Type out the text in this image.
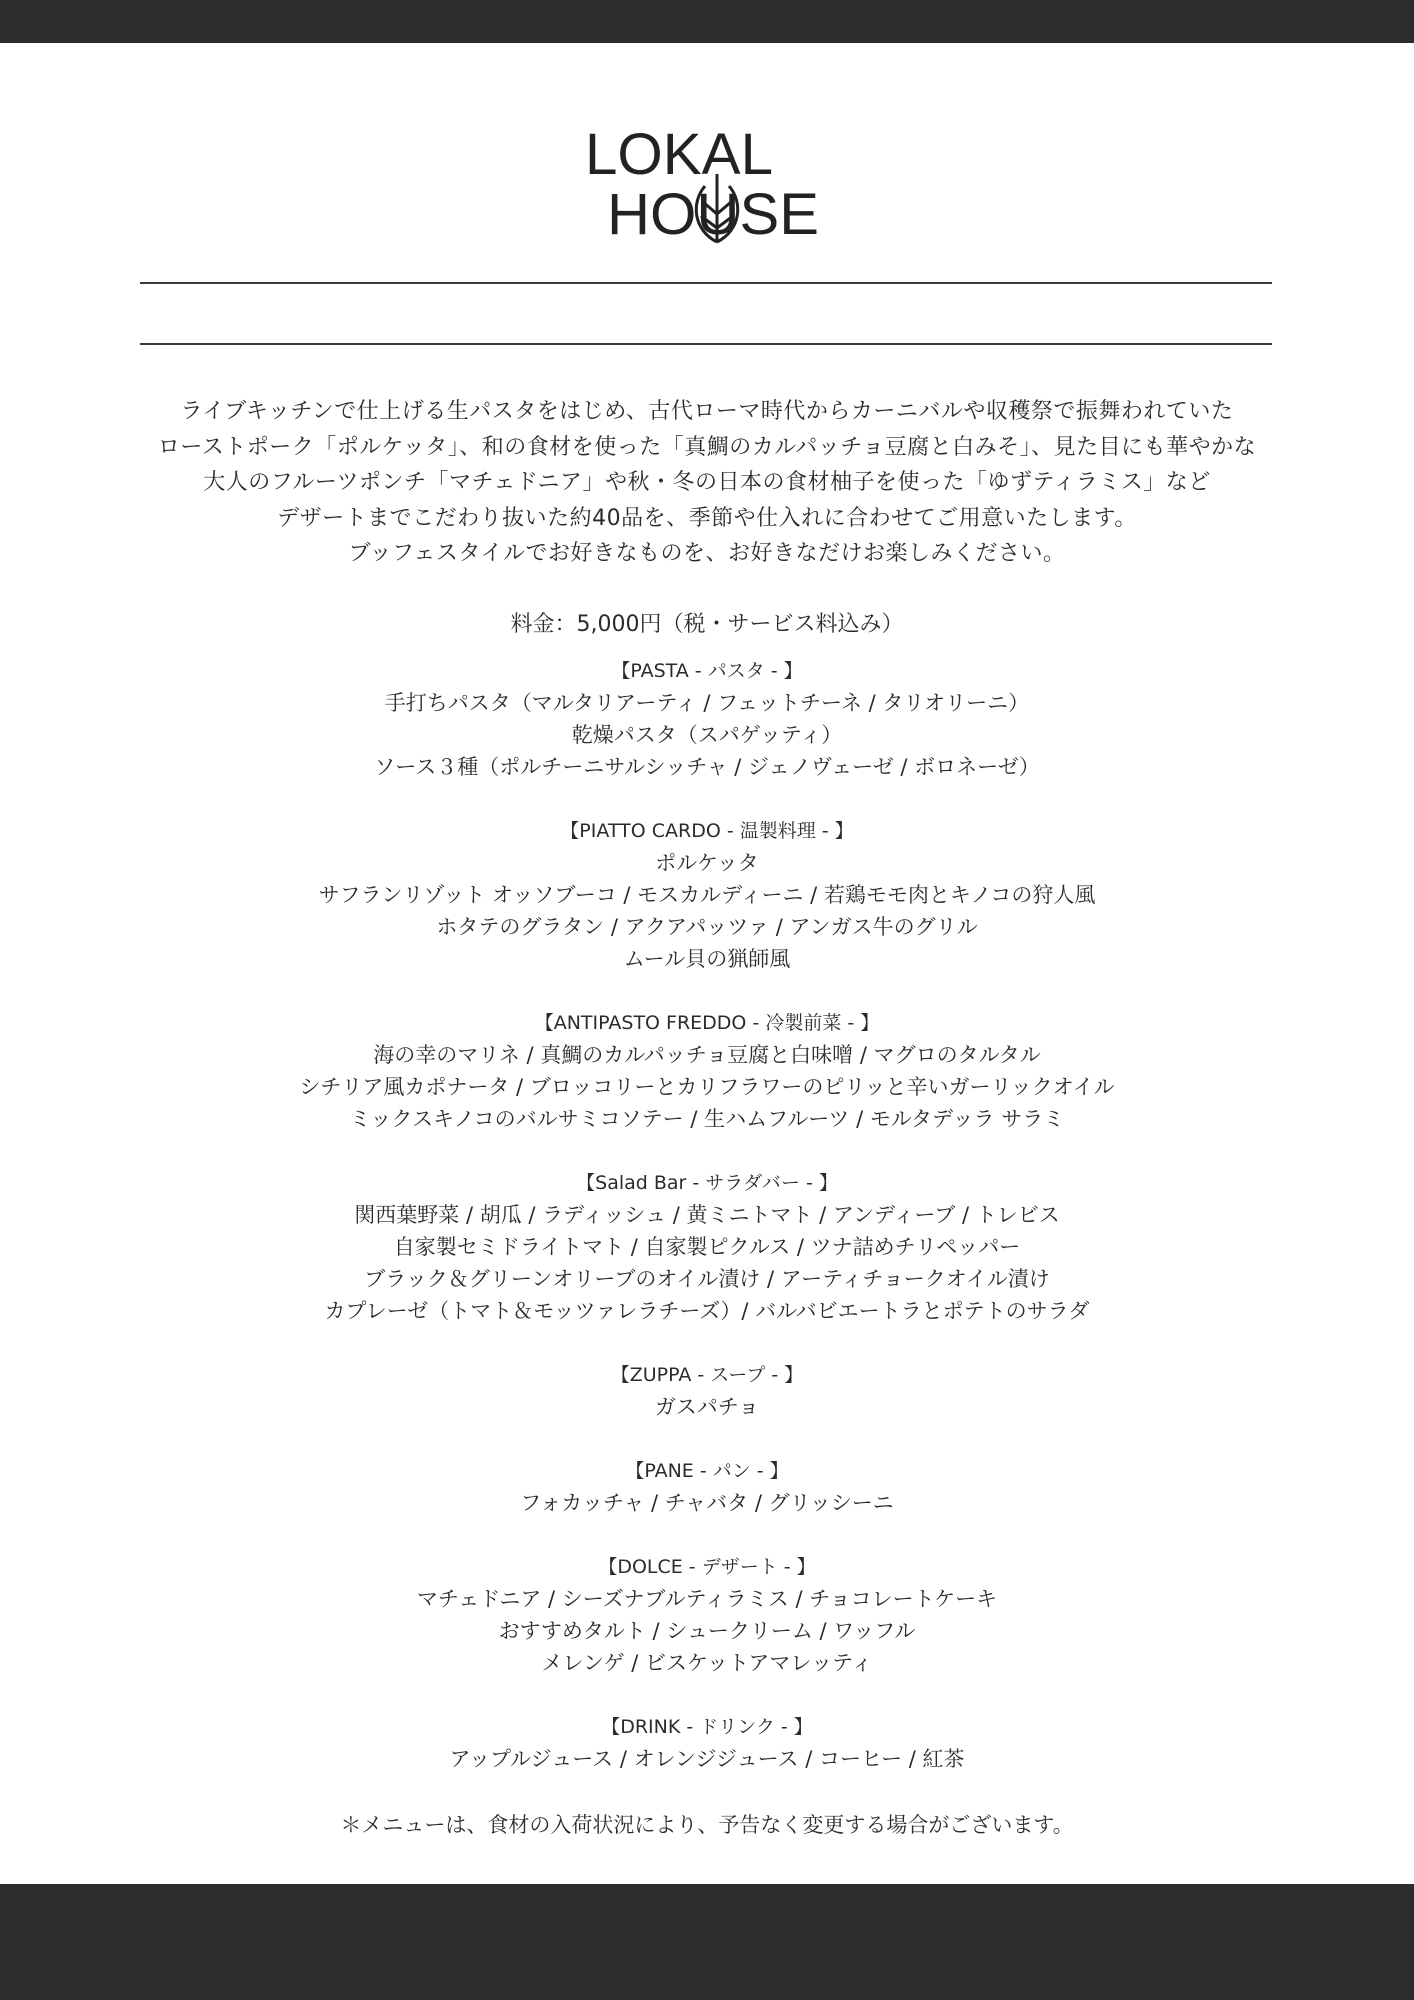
LOKAL
HOUSE
ライブキッチンで仕上げる生パスタをはじめ、古代ローマ時代からカーニバルや収穫祭で振舞われていた
ローストポーク「ポルケッタ」、和の食材を使った「真鯛のカルパッチョ豆腐と白みそ」、見た目にも華やかな
大人のフルーツポンチ「マチェドニア」や秋・冬の日本の食材柚子を使った「ゆずティラミス」など
デザートまでこだわり抜いた約40品を、季節や仕入れに合わせてご用意いたします。
ブッフェスタイルでお好きなものを、お好きなだけお楽しみください。
料金：5,000円（税・サービス料込み）
【PASTA - パスタ - 】
手打ちパスタ（マルタリアーティ / フェットチーネ / タリオリーニ）
乾燥パスタ（スパゲッティ）
ソース３種（ポルチーニサルシッチャ / ジェノヴェーゼ / ボロネーゼ）
【PIATTO CARDO - 温製料理 - 】
ポルケッタ
サフランリゾット オッソブーコ / モスカルディーニ / 若鶏モモ肉とキノコの狩人風
ホタテのグラタン / アクアパッツァ / アンガス牛のグリル
ムール貝の猟師風
【ANTIPASTO FREDDO - 冷製前菜 - 】
海の幸のマリネ / 真鯛のカルパッチョ豆腐と白味噌 / マグロのタルタル
シチリア風カポナータ / ブロッコリーとカリフラワーのピリッと辛いガーリックオイル
ミックスキノコのバルサミコソテー / 生ハムフルーツ / モルタデッラ サラミ
【Salad Bar - サラダバー - 】
関西葉野菜 / 胡瓜 / ラディッシュ / 黄ミニトマト / アンディーブ / トレビス
自家製セミドライトマト / 自家製ピクルス / ツナ詰めチリペッパー
ブラック＆グリーンオリーブのオイル漬け / アーティチョークオイル漬け
カプレーゼ（トマト＆モッツァレラチーズ）/ バルバビエートラとポテトのサラダ
【ZUPPA - スープ - 】
ガスパチョ
【PANE - パン - 】
フォカッチャ / チャバタ / グリッシーニ
【DOLCE - デザート - 】
マチェドニア / シーズナブルティラミス / チョコレートケーキ
おすすめタルト / シュークリーム / ワッフル
メレンゲ / ビスケットアマレッティ
【DRINK - ドリンク - 】
アップルジュース / オレンジジュース / コーヒー / 紅茶
＊メニューは、食材の入荷状況により、予告なく変更する場合がございます。
